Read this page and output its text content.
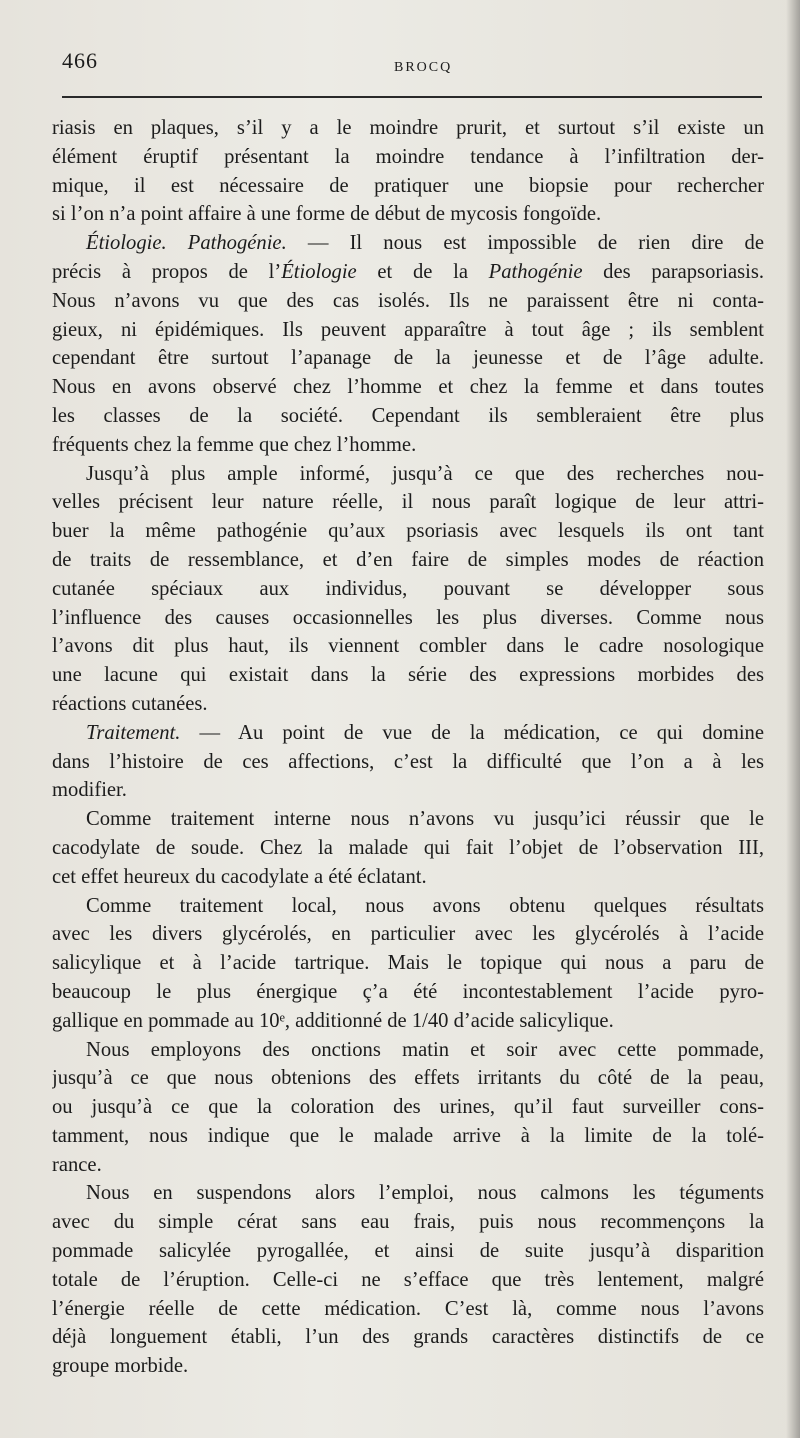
466	BROCQ
riasis en plaques, s’il y a le moindre prurit, et surtout s’il existe un
élément éruptif présentant la moindre tendance à l’infiltration der-
mique, il est nécessaire de pratiquer une biopsie pour rechercher
si l’on n’a point affaire à une forme de début de mycosis fongoïde.
Étiologie. Pathogénie. — Il nous est impossible de rien dire de
précis à propos de l’Étiologie et de la Pathogénie des parapsoriasis.
Nous n’avons vu que des cas isolés. Ils ne paraissent être ni conta-
gieux, ni épidémiques. Ils peuvent apparaître à tout âge ; ils semblent
cependant être surtout l’apanage de la jeunesse et de l’âge adulte.
Nous en avons observé chez l’homme et chez la femme et dans toutes
les classes de la société. Cependant ils sembleraient être plus
fréquents chez la femme que chez l’homme.
Jusqu’à plus ample informé, jusqu’à ce que des recherches nou-
velles précisent leur nature réelle, il nous paraît logique de leur attri-
buer la même pathogénie qu’aux psoriasis avec lesquels ils ont tant
de traits de ressemblance, et d’en faire de simples modes de réaction
cutanée spéciaux aux individus, pouvant se développer sous
l’influence des causes occasionnelles les plus diverses. Comme nous
l’avons dit plus haut, ils viennent combler dans le cadre nosologique
une lacune qui existait dans la série des expressions morbides des
réactions cutanées.
Traitement. — Au point de vue de la médication, ce qui domine
dans l’histoire de ces affections, c’est la difficulté que l’on a à les
modifier.
Comme traitement interne nous n’avons vu jusqu’ici réussir que le
cacodylate de soude. Chez la malade qui fait l’objet de l’observation III,
cet effet heureux du cacodylate a été éclatant.
Comme traitement local, nous avons obtenu quelques résultats
avec les divers glycérolés, en particulier avec les glycérolés à l’acide
salicylique et à l’acide tartrique. Mais le topique qui nous a paru de
beaucoup le plus énergique ç’a été incontestablement l’acide pyro-
gallique en pommade au 10ᵉ, additionné de 1/40 d’acide salicylique.
Nous employons des onctions matin et soir avec cette pommade,
jusqu’à ce que nous obtenions des effets irritants du côté de la peau,
ou jusqu’à ce que la coloration des urines, qu’il faut surveiller cons-
tamment, nous indique que le malade arrive à la limite de la tolé-
rance.
Nous en suspendons alors l’emploi, nous calmons les téguments
avec du simple cérat sans eau frais, puis nous recommençons la
pommade salicylée pyrogallée, et ainsi de suite jusqu’à disparition
totale de l’éruption. Celle-ci ne s’efface que très lentement, malgré
l’énergie réelle de cette médication. C’est là, comme nous l’avons
déjà longuement établi, l’un des grands caractères distinctifs de ce
groupe morbide.
